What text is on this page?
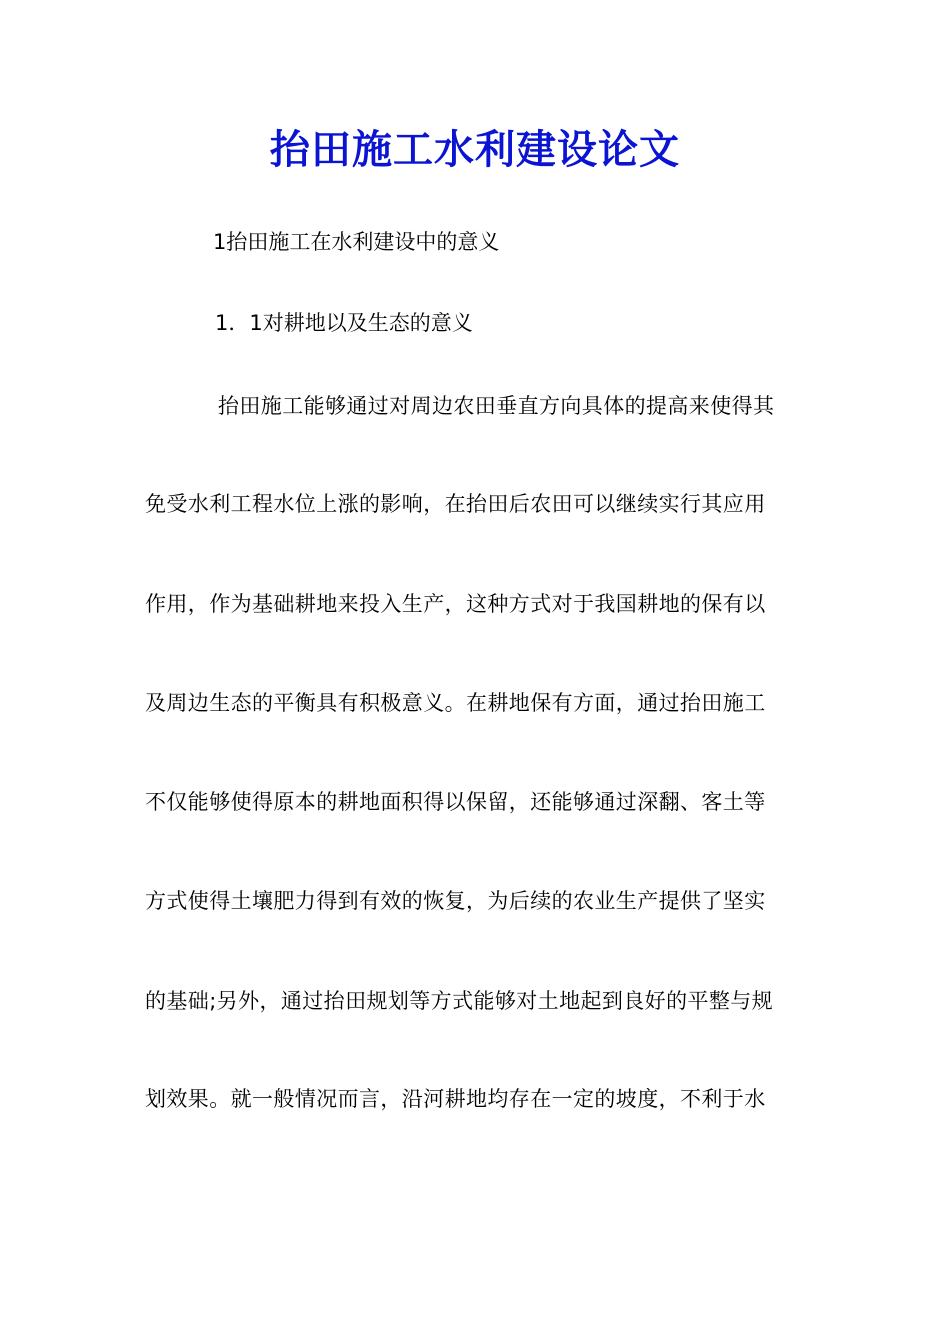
抬田施工水利建设论文
1抬田施工在水利建设中的意义
1．1对耕地以及生态的意义
抬田施工能够通过对周边农田垂直方向具体的提高来使得其
免受水利工程水位上涨的影响，在抬田后农田可以继续实行其应用
作用，作为基础耕地来投入生产，这种方式对于我国耕地的保有以
及周边生态的平衡具有积极意义。在耕地保有方面，通过抬田施工
不仅能够使得原本的耕地面积得以保留，还能够通过深翻、客土等
方式使得土壤肥力得到有效的恢复，为后续的农业生产提供了坚实
的基础;另外，通过抬田规划等方式能够对土地起到良好的平整与规
划效果。就一般情况而言，沿河耕地均存在一定的坡度，不利于水
